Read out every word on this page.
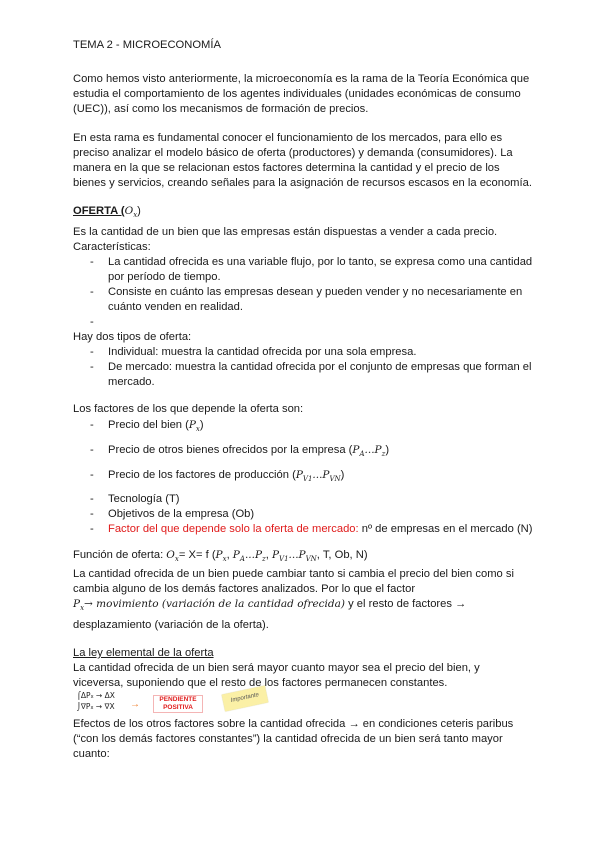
TEMA 2 - MICROECONOMÍA

Como hemos visto anteriormente, la microeconomía es la rama de la Teoría Económica que estudia el comportamiento de los agentes individuales (unidades económicas de consumo (UEC)), así como los mecanismos de formación de precios.

En esta rama es fundamental conocer el funcionamiento de los mercados, para ello es preciso analizar el modelo básico de oferta (productores) y demanda (consumidores). La manera en la que se relacionan estos factores determina la cantidad y el precio de los bienes y servicios, creando señales para la asignación de recursos escasos en la economía.

OFERTA $(O_x)$

Es la cantidad de un bien que las empresas están dispuestas a vender a cada precio.

Características:

- La cantidad ofrecida es una variable flujo, por lo tanto, se expresa como una cantidad por período de tiempo.
- Consiste en cuánto las empresas desean y pueden vender y no necesariamente en cuánto venden en realidad.
-

Hay dos tipos de oferta:

- Individual: muestra la cantidad ofrecida por una sola empresa.
- De mercado: muestra la cantidad ofrecida por el conjunto de empresas que forman el mercado.

Los factores de los que depende la oferta son:

- Precio del bien $(P_x)$
- Precio de otros bienes ofrecidos por la empresa $(P_A...P_z)$
- Precio de los factores de producción $(P_{V1}...P_{VN})$
- Tecnología (T)
- Objetivos de la empresa (Ob)
- Factor del que depende solo la oferta de mercado: nº de empresas en el mercado (N)
Función de oferta: $O_x= X= f$ ($P_x$, $P_A...P_z$, $P_{V1}...P_{VN}$, T, Ob, N)

La cantidad ofrecida de un bien puede cambiar tanto si cambia el precio del bien como si cambia alguno de los demás factores analizados. Por lo que el factor

$P_x\to$ movimiento (variación de la cantidad ofrecida) y el resto de factores →

desplazamiento (variación de la oferta).

La ley elemental de la oferta

La cantidad ofrecida de un bien será mayor cuanto mayor sea el precio del bien, y viceversa, suponiendo que el resto de los factores permanecen constantes.

⌠ΔPx → ΔX
⌡∇Px → ∇X →	PENDIENTE POSITIVA
Importante

Efectos de los otros factores sobre la cantidad ofrecida → en condiciones ceteris paribus

(“con los demás factores constantes”) la cantidad ofrecida de un bien será tanto mayor cuanto:
